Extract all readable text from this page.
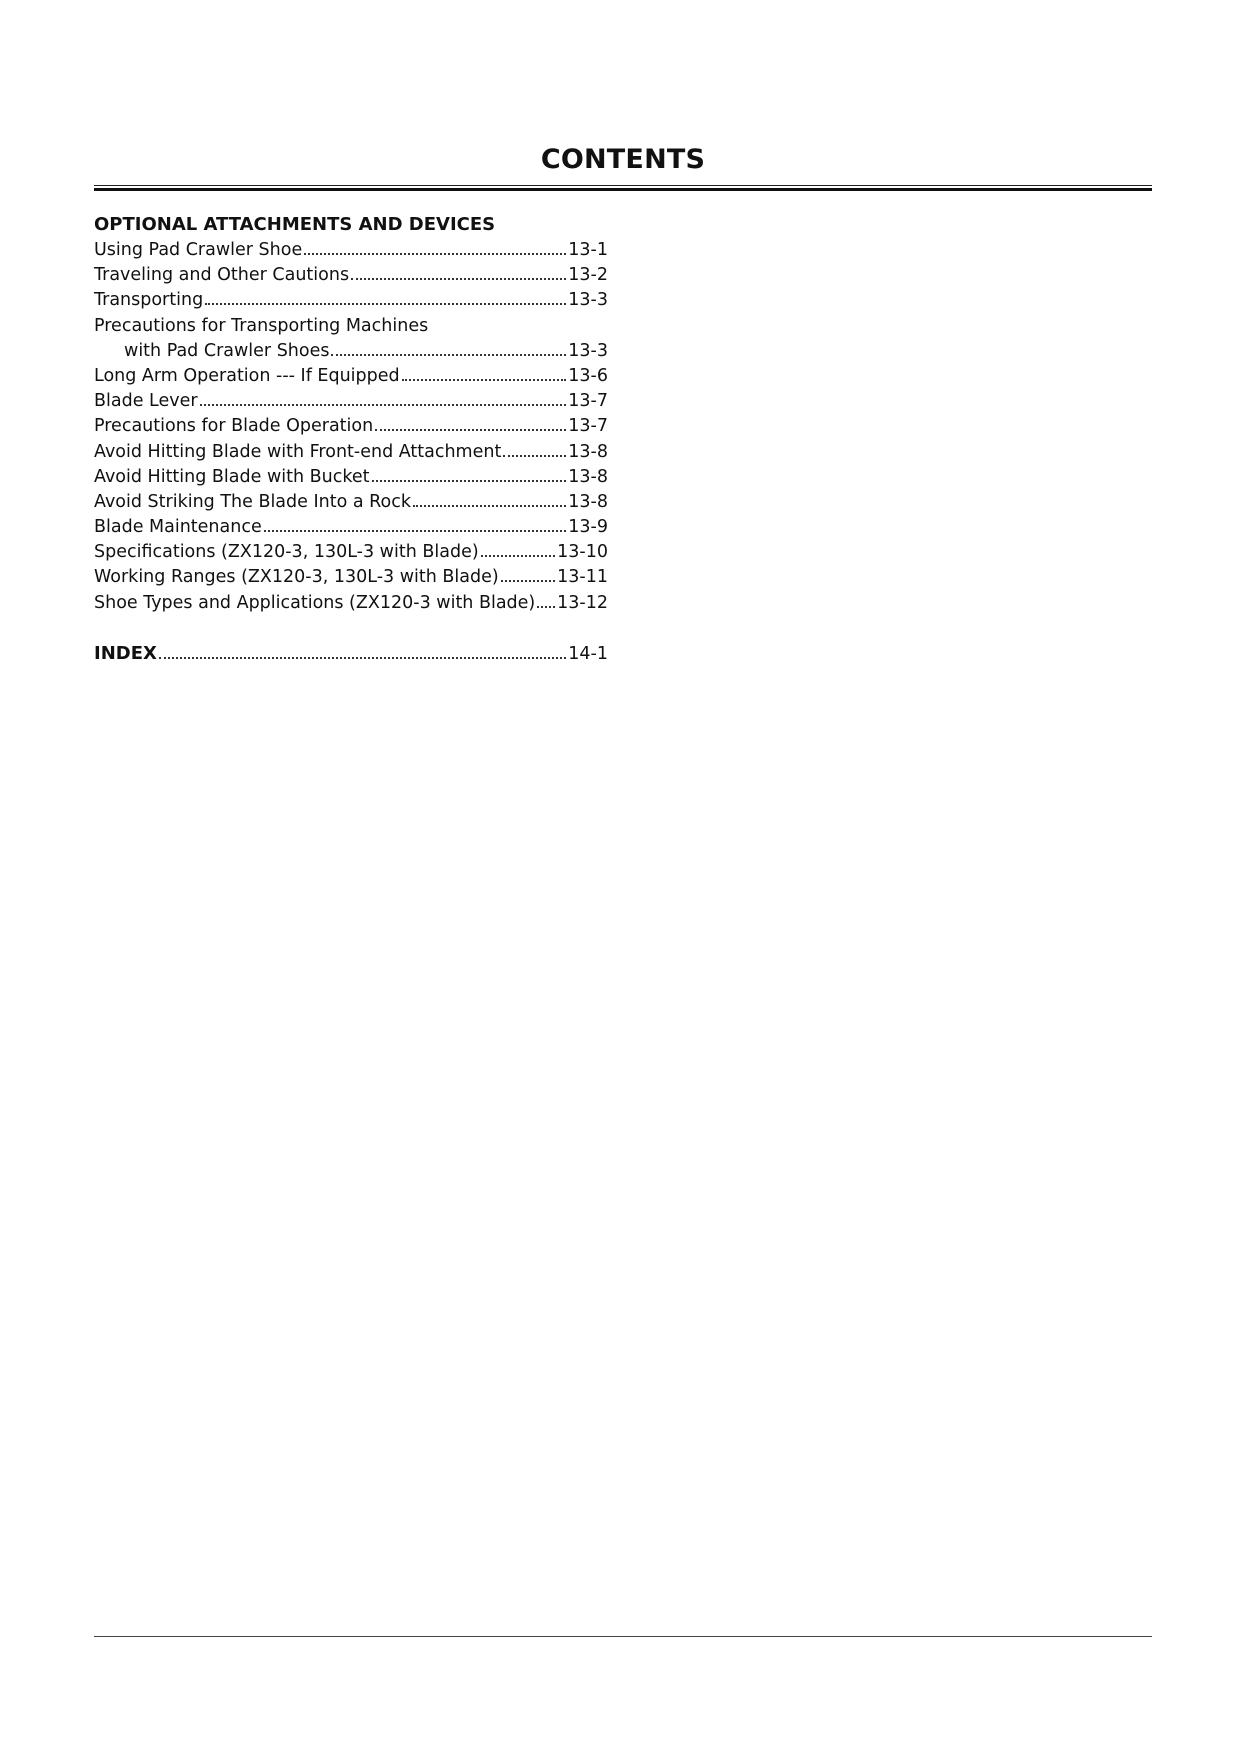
CONTENTS
OPTIONAL ATTACHMENTS AND DEVICES
Using Pad Crawler Shoe	13-1
Traveling and Other Cautions	13-2
Transporting	13-3
Precautions for Transporting Machines
with Pad Crawler Shoes	13-3
Long Arm Operation --- If Equipped	13-6
Blade Lever	13-7
Precautions for Blade Operation	13-7
Avoid Hitting Blade with Front-end Attachment	13-8
Avoid Hitting Blade with Bucket	13-8
Avoid Striking The Blade Into a Rock	13-8
Blade Maintenance	13-9
Specifications (ZX120-3, 130L-3 with Blade)	13-10
Working Ranges (ZX120-3, 130L-3 with Blade)	13-11
Shoe Types and Applications (ZX120-3 with Blade) 13-12
INDEX	14-1
